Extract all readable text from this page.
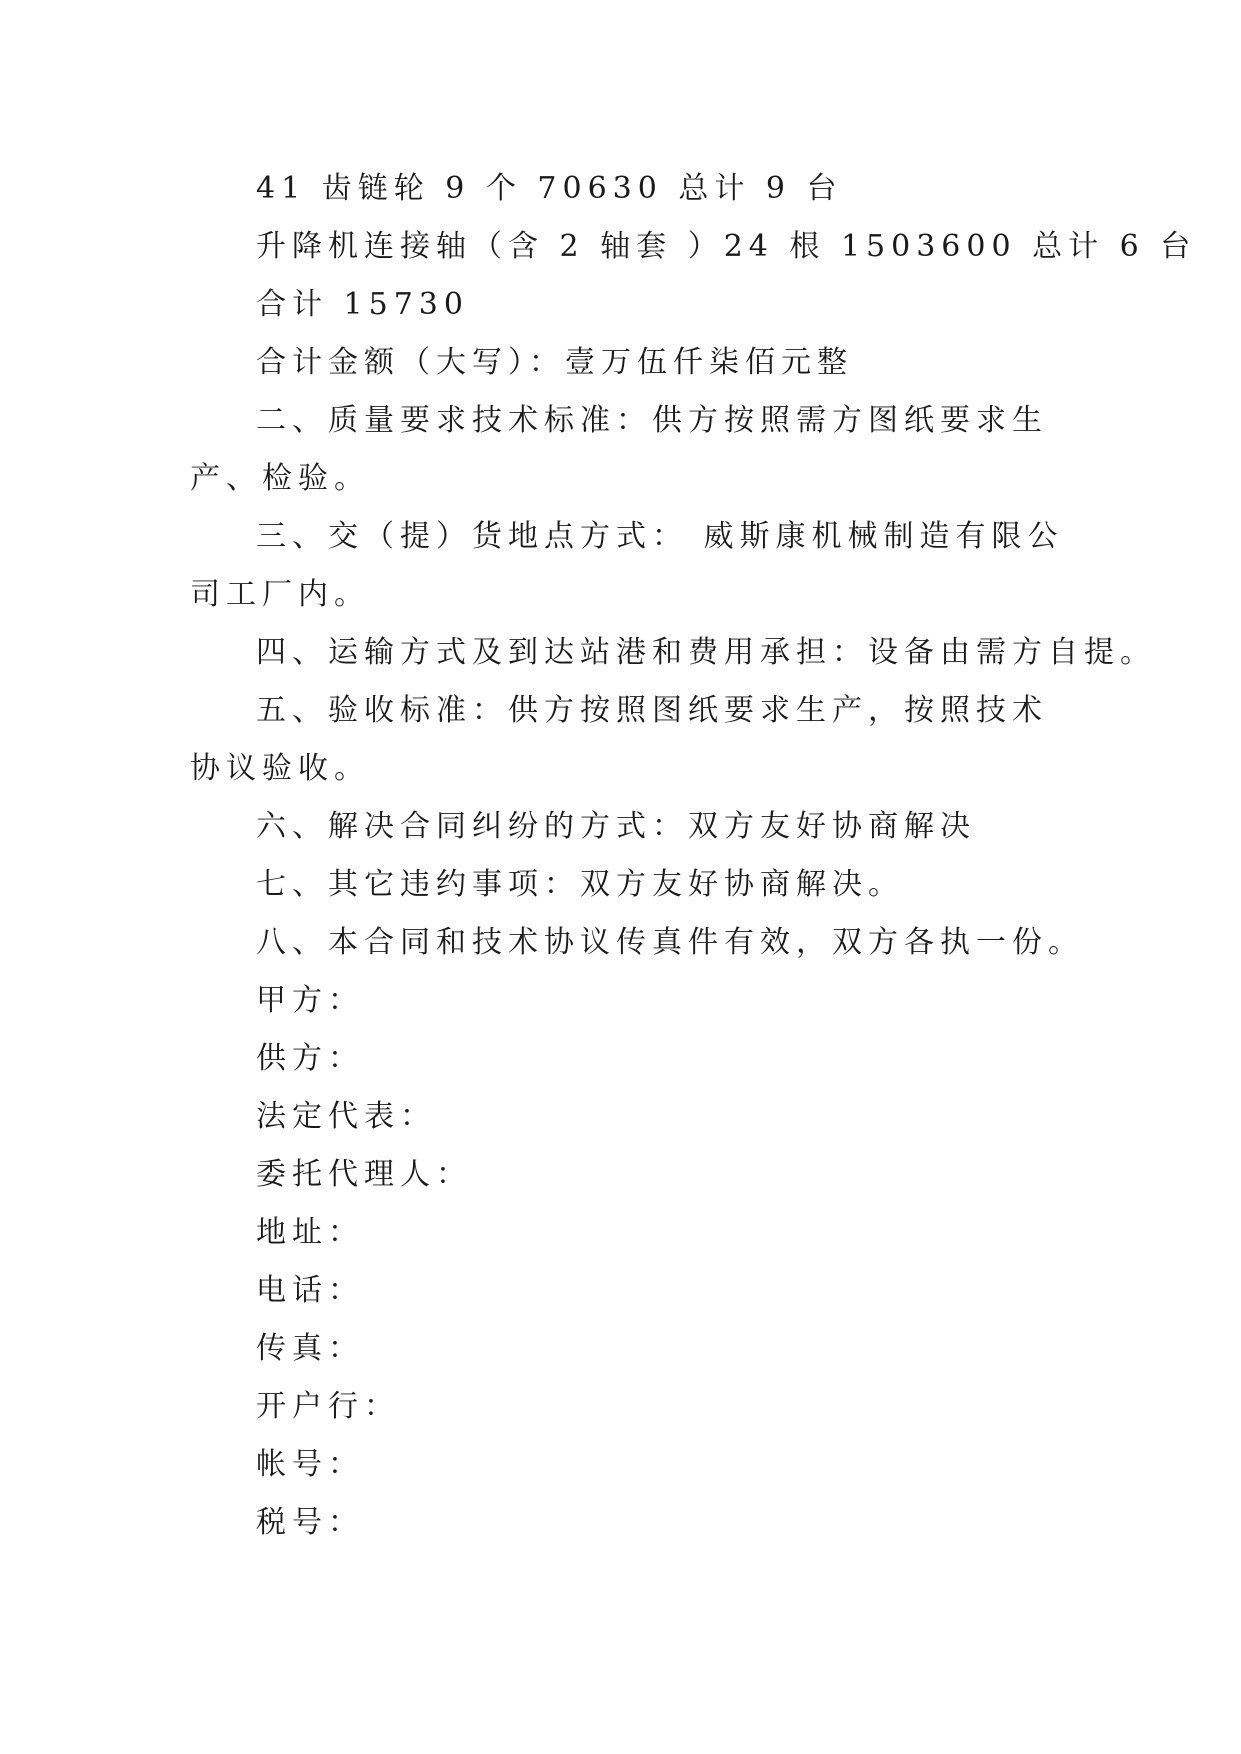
41 齿链轮 9 个 70630 总计 9 台
升降机连接轴（含 2 轴套 ）24 根 1503600 总计 6 台
合计 15730
合计金额（大写）：壹万伍仟柒佰元整
二、质量要求技术标准：供方按照需方图纸要求生产、检验。
三、交（提）货地点方式： 威斯康机械制造有限公司工厂内。
四、运输方式及到达站港和费用承担：设备由需方自提。
五、验收标准：供方按照图纸要求生产，按照技术协议验收。
六、解决合同纠纷的方式：双方友好协商解决
七、其它违约事项：双方友好协商解决。
八、本合同和技术协议传真件有效，双方各执一份。
甲方：
供方：
法定代表：
委托代理人：
地址：
电话：
传真：
开户行：
帐号：
税号：
